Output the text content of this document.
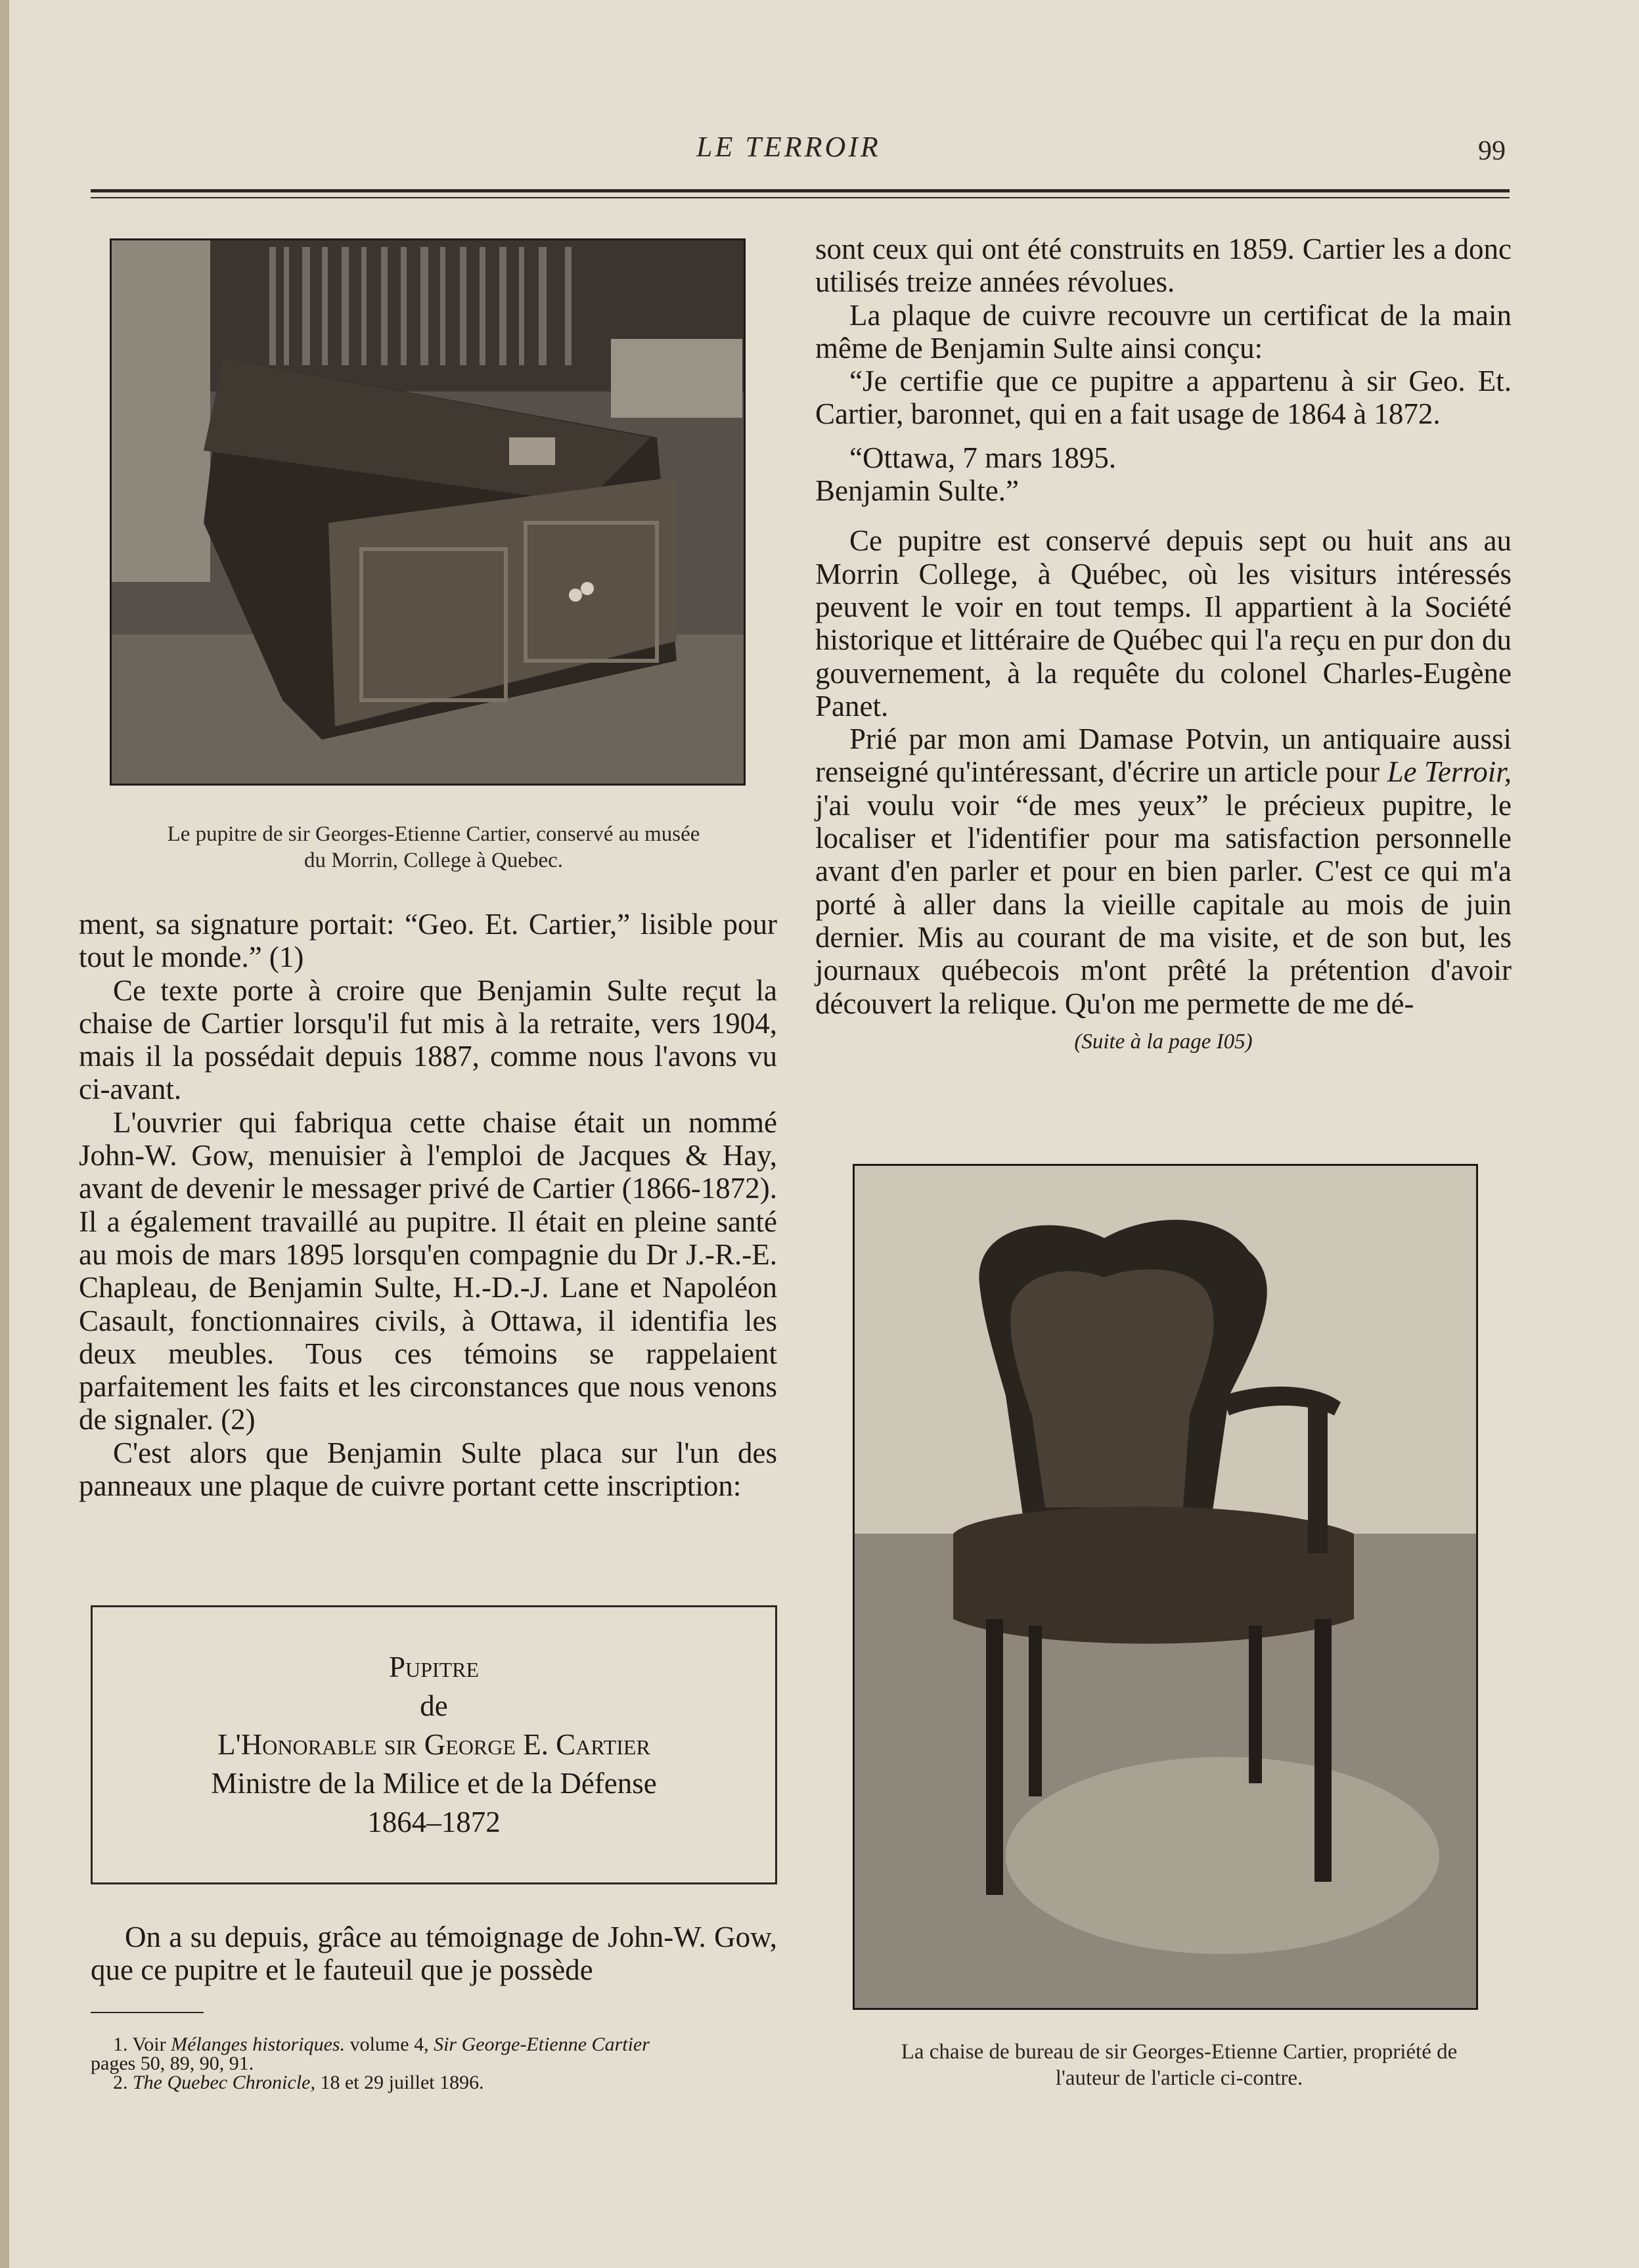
LE TERROIR	99
Le pupitre de sir Georges-Etienne Cartier, conservé au musée
du Morrin, College à Quebec.

ment, sa signature portait: “Geo. Et. Cartier,” lisible pour tout le monde.” (1)

Ce texte porte à croire que Benjamin Sulte reçut la chaise de Cartier lorsqu'il fut mis à la retraite, vers 1904, mais il la possédait depuis 1887, comme nous l'avons vu ci-avant.

L'ouvrier qui fabriqua cette chaise était un nommé John-W. Gow, menuisier à l'emploi de Jacques & Hay, avant de devenir le messager privé de Cartier (1866-1872). Il a également travaillé au pupitre. Il était en pleine santé au mois de mars 1895 lorsqu'en compagnie du Dr J.-R.-E. Chapleau, de Benjamin Sulte, H.-D.-J. Lane et Napoléon Casault, fonctionnaires civils, à Ottawa, il identifia les deux meubles. Tous ces témoins se rappelaient parfaitement les faits et les circonstances que nous venons de signaler. (2)

C'est alors que Benjamin Sulte placa sur l'un des panneaux une plaque de cuivre portant cette inscription:

Pupitre
de
L'Honorable sir George E. Cartier
Ministre de la Milice et de la Défense
1864–1872

On a su depuis, grâce au témoignage de John-W. Gow, que ce pupitre et le fauteuil que je possède

1. Voir Mélanges historiques. volume 4, Sir George-Etienne Cartier
pages 50, 89, 90, 91.
2. The Quebec Chronicle, 18 et 29 juillet 1896.

sont ceux qui ont été construits en 1859. Cartier les a donc utilisés treize années révolues.

La plaque de cuivre recouvre un certificat de la main même de Benjamin Sulte ainsi conçu:

“Je certifie que ce pupitre a appartenu à sir Geo. Et. Cartier, baronnet, qui en a fait usage de 1864 à 1872.

“Ottawa, 7 mars 1895.

Benjamin Sulte.”

Ce pupitre est conservé depuis sept ou huit ans au Morrin College, à Québec, où les visiturs intéressés peuvent le voir en tout temps. Il appartient à la Société historique et littéraire de Québec qui l'a reçu en pur don du gouvernement, à la requête du colonel Charles-Eugène Panet.

Prié par mon ami Damase Potvin, un antiquaire aussi renseigné qu'intéressant, d'écrire un article pour Le Terroir, j'ai voulu voir “de mes yeux” le précieux pupitre, le localiser et l'identifier pour ma satisfaction personnelle avant d'en parler et pour en bien parler. C'est ce qui m'a porté à aller dans la vieille capitale au mois de juin dernier. Mis au courant de ma visite, et de son but, les journaux québecois m'ont prêté la prétention d'avoir découvert la relique. Qu'on me permette de me dé-

(Suite à la page I05)
La chaise de bureau de sir Georges-Etienne Cartier, propriété de
l'auteur de l'article ci-contre.
